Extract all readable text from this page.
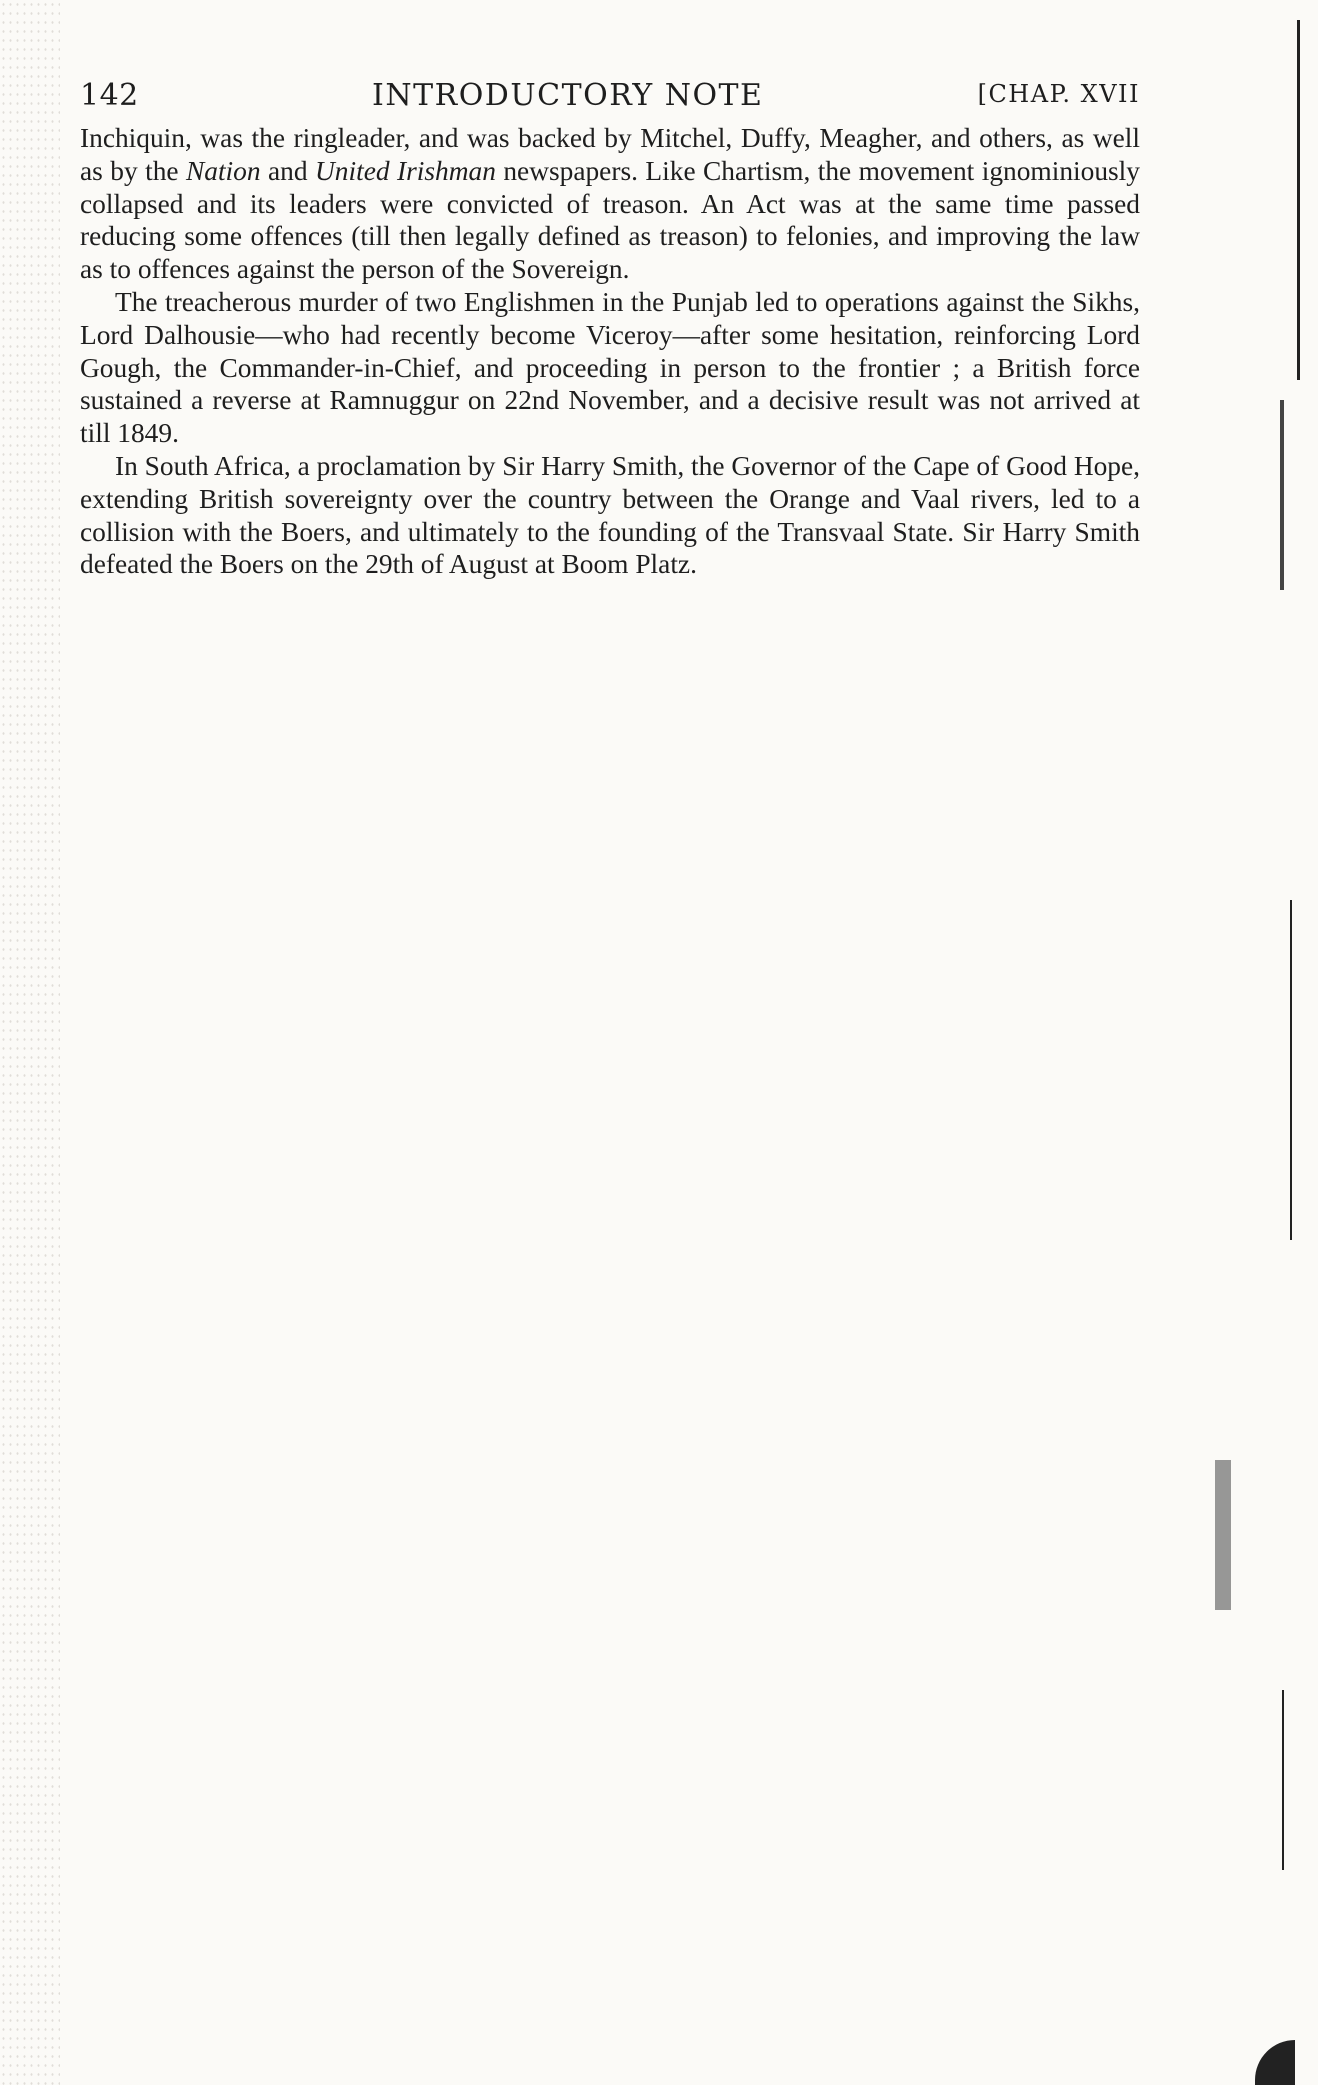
142	INTRODUCTORY NOTE	[CHAP. XVII

Inchiquin, was the ringleader, and was backed by Mitchel, Duffy, Meagher, and others, as well as by the Nation and United Irishman newspapers. Like Chartism, the movement ignominiously collapsed and its leaders were convicted of treason. An Act was at the same time passed reducing some offences (till then legally defined as treason) to felonies, and improving the law as to offences against the person of the Sovereign.

The treacherous murder of two Englishmen in the Punjab led to operations against the Sikhs, Lord Dalhousie—who had recently become Viceroy—after some hesitation, reinforcing Lord Gough, the Commander-in-Chief, and proceeding in person to the frontier ; a British force sustained a reverse at Ramnuggur on 22nd November, and a decisive result was not arrived at till 1849.

In South Africa, a proclamation by Sir Harry Smith, the Governor of the Cape of Good Hope, extending British sovereignty over the country between the Orange and Vaal rivers, led to a collision with the Boers, and ultimately to the founding of the Transvaal State. Sir Harry Smith defeated the Boers on the 29th of August at Boom Platz.
